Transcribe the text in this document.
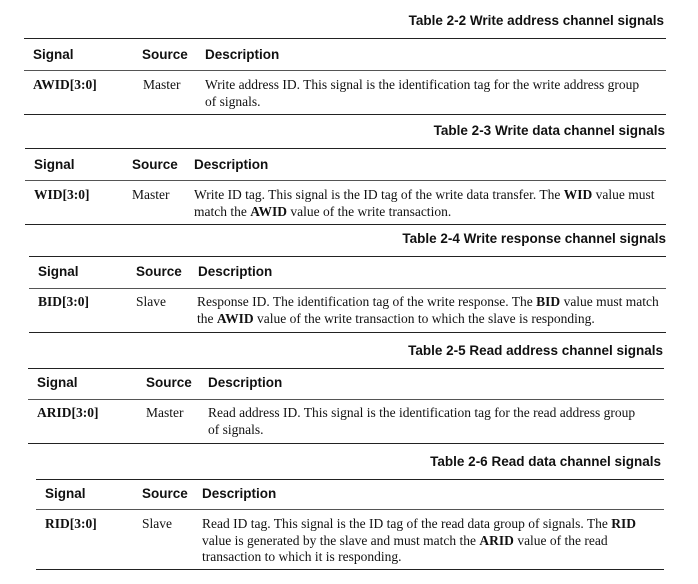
Table 2-2 Write address channel signals
Signal	Source Description
AWID[3:0]	Master Write address ID. This signal is the identification tag for the write address group of signals.
Table 2-3 Write data channel signals
Signal	Source Description
WID[3:0]	Master Write ID tag. This signal is the ID tag of the write data transfer. The WID value must match the AWID value of the write transaction.
Table 2-4 Write response channel signals
Signal	Source Description
BID[3:0]	Slave Response ID. The identification tag of the write response. The BID value must match the AWID value of the write transaction to which the slave is responding.
Table 2-5 Read address channel signals
Signal	Source Description
ARID[3:0]	Master Read address ID. This signal is the identification tag for the read address group of signals.
Table 2-6 Read data channel signals
Signal	Source Description
RID[3:0]	Slave Read ID tag. This signal is the ID tag of the read data group of signals. The RID value is generated by the slave and must match the ARID value of the read transaction to which it is responding.
